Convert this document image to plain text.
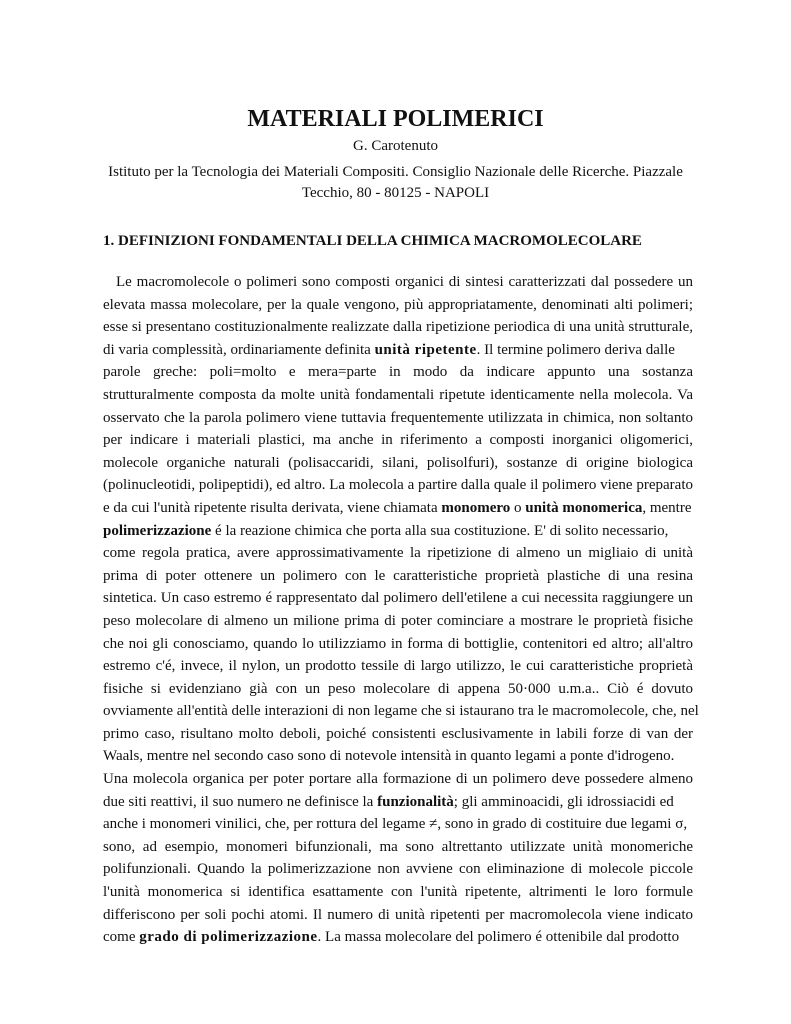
MATERIALI POLIMERICI
G. Carotenuto
Istituto per la Tecnologia dei Materiali Compositi. Consiglio Nazionale delle Ricerche. Piazzale
Tecchio, 80 - 80125 - NAPOLI
1. DEFINIZIONI FONDAMENTALI DELLA CHIMICA MACROMOLECOLARE
Le macromolecole o polimeri sono composti organici di sintesi caratterizzati dal possedere un
elevata massa molecolare, per la quale vengono, più appropriatamente, denominati alti polimeri;
esse si presentano costituzionalmente realizzate dalla ripetizione periodica di una unità strutturale,
di varia complessità, ordinariamente definita unità ripetente. Il termine polimero deriva dalle
parole greche: poli=molto e mera=parte in modo da indicare appunto una sostanza
strutturalmente composta da molte unità fondamentali ripetute identicamente nella molecola. Va
osservato che la parola polimero viene tuttavia frequentemente utilizzata in chimica, non soltanto
per indicare i materiali plastici, ma anche in riferimento a composti inorganici oligomerici,
molecole organiche naturali (polisaccaridi, silani, polisolfuri), sostanze di origine biologica
(polinucleotidi, polipeptidi), ed altro. La molecola a partire dalla quale il polimero viene preparato
e da cui l'unità ripetente risulta derivata, viene chiamata monomero o unità monomerica, mentre
polimerizzazione é la reazione chimica che porta alla sua costituzione. E' di solito necessario,
come regola pratica, avere approssimativamente la ripetizione di almeno un migliaio di unità
prima di poter ottenere un polimero con le caratteristiche proprietà plastiche di una resina
sintetica. Un caso estremo é rappresentato dal polimero dell'etilene a cui necessita raggiungere un
peso molecolare di almeno un milione prima di poter cominciare a mostrare le proprietà fisiche
che noi gli conosciamo, quando lo utilizziamo in forma di bottiglie, contenitori ed altro; all'altro
estremo c'é, invece, il nylon, un prodotto tessile di largo utilizzo, le cui caratteristiche proprietà
fisiche si evidenziano già con un peso molecolare di appena 50·000 u.m.a.. Ciò é dovuto
ovviamente all'entità delle interazioni di non legame che si istaurano tra le macromolecole, che, nel
primo caso, risultano molto deboli, poiché consistenti esclusivamente in labili forze di van der
Waals, mentre nel secondo caso sono di notevole intensità in quanto legami a ponte d'idrogeno.
Una molecola organica per poter portare alla formazione di un polimero deve possedere almeno
due siti reattivi, il suo numero ne definisce la funzionalità; gli amminoacidi, gli idrossiacidi ed
anche i monomeri vinilici, che, per rottura del legame ≠, sono in grado di costituire due legami σ,
sono, ad esempio, monomeri bifunzionali, ma sono altrettanto utilizzate unità monomeriche
polifunzionali. Quando la polimerizzazione non avviene con eliminazione di molecole piccole
l'unità monomerica si identifica esattamente con l'unità ripetente, altrimenti le loro formule
differiscono per soli pochi atomi. Il numero di unità ripetenti per macromolecola viene indicato
come grado di polimerizzazione. La massa molecolare del polimero é ottenibile dal prodotto
